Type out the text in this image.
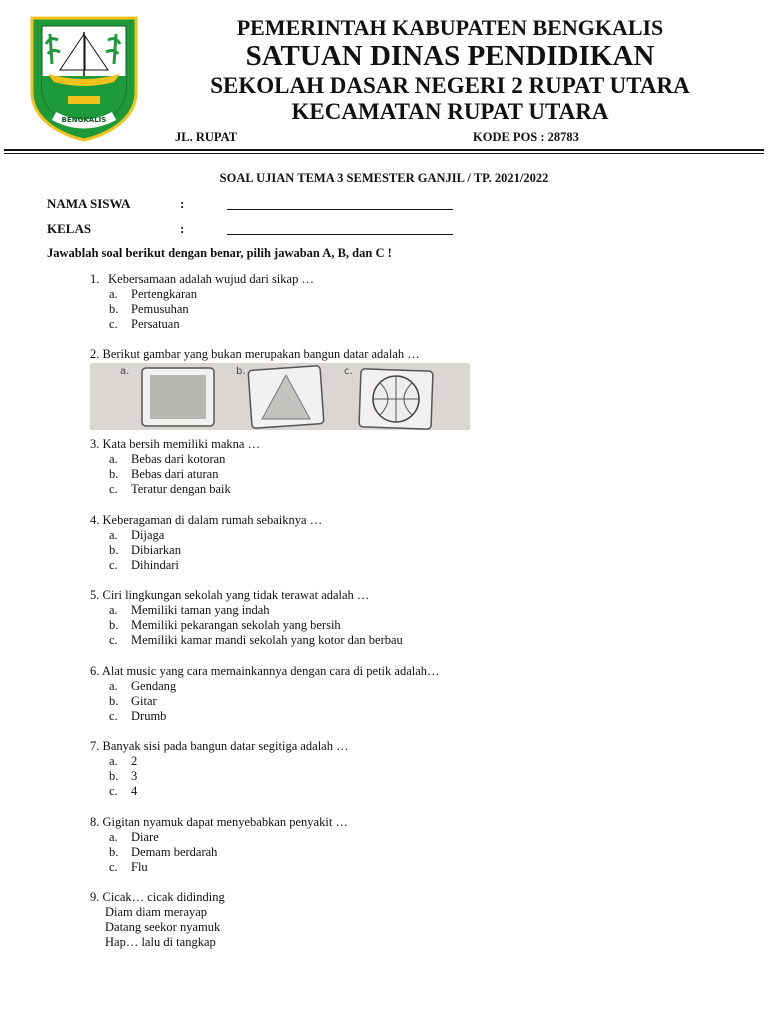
BENGKALIS
PEMERINTAH KABUPATEN BENGKALIS
SATUAN DINAS PENDIDIKAN
SEKOLAH DASAR NEGERI 2 RUPAT UTARA
KECAMATAN RUPAT UTARA
JL. RUPAT	KODE POS : 28783
SOAL UJIAN TEMA 3 SEMESTER GANJIL / TP. 2021/2022
NAMA SISWA	:
KELAS	:
Jawablah soal berikut dengan benar, pilih jawaban A, B, dan C !
1. Kebersamaan adalah wujud dari sikap …
a. Pertengkaran
b. Pemusuhan
c. Persatuan
2. Berikut gambar yang bukan merupakan bangun datar adalah …
a.	b.	c.
3. Kata bersih memiliki makna …
a. Bebas dari kotoran
b. Bebas dari aturan
c. Teratur dengan baik
4. Keberagaman di dalam rumah sebaiknya …
a. Dijaga
b. Dibiarkan
c. Dihindari
5. Ciri lingkungan sekolah yang tidak terawat adalah …
a. Memiliki taman yang indah
b. Memiliki pekarangan sekolah yang bersih
c. Memiliki kamar mandi sekolah yang kotor dan berbau
6. Alat music yang cara memainkannya dengan cara di petik adalah…
a. Gendang
b. Gitar
c. Drumb
7. Banyak sisi pada bangun datar segitiga adalah …
a. 2
b. 3
c. 4
8. Gigitan nyamuk dapat menyebabkan penyakit …
a. Diare
b. Demam berdarah
c. Flu
9. Cicak… cicak didinding
Diam diam merayap
Datang seekor nyamuk
Hap… lalu di tangkap
